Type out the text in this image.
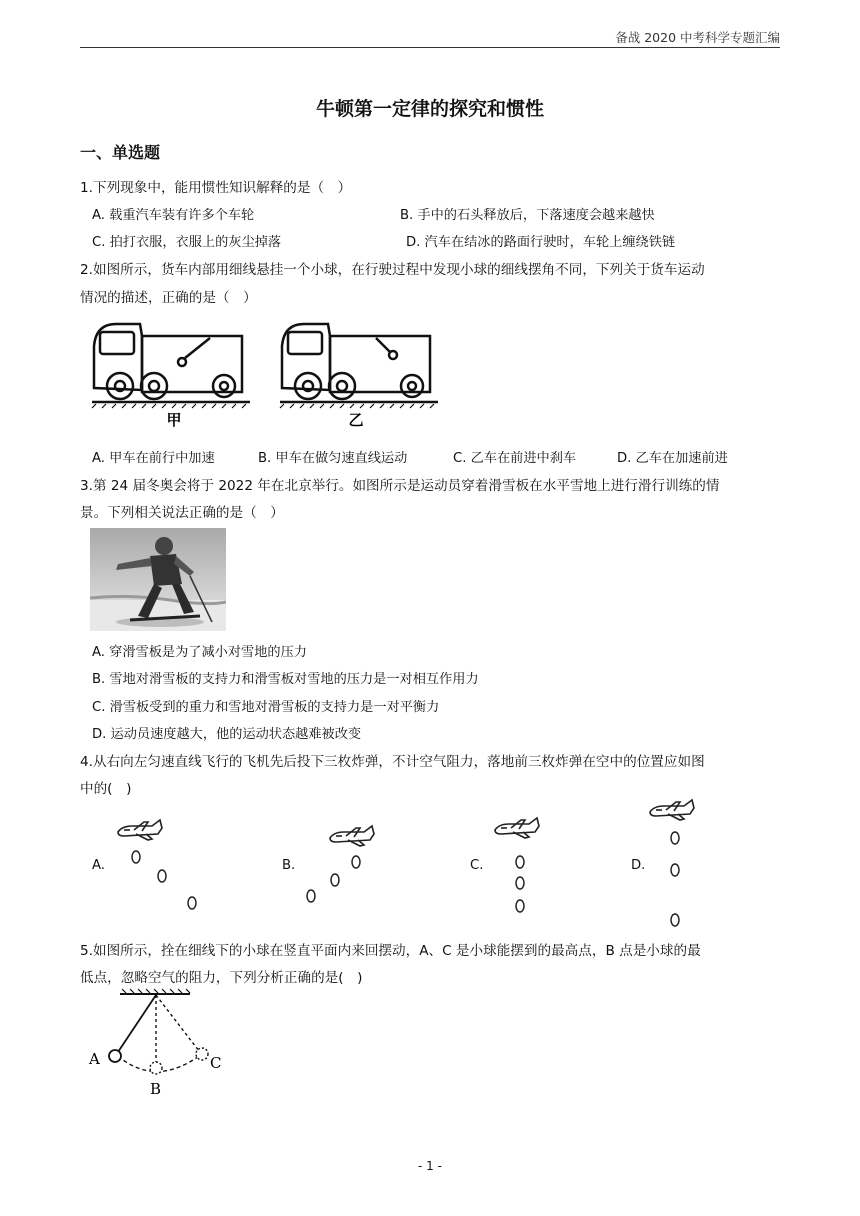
备战 2020 中考科学专题汇编
牛顿第一定律的探究和惯性
一、单选题
1.下列现象中，能用惯性知识解释的是（　）
A. 载重汽车装有许多个车轮	B. 手中的石头释放后，下落速度会越来越快
C. 拍打衣服，衣服上的灰尘掉落	D. 汽车在结冰的路面行驶时，车轮上缠绕铁链
2.如图所示，货车内部用细线悬挂一个小球，在行驶过程中发现小球的细线摆角不同，下列关于货车运动
情况的描述，正确的是（　）
甲	乙
A. 甲车在前行中加速	B. 甲车在做匀速直线运动	C. 乙车在前进中刹车	D. 乙车在加速前进
3.第 24 届冬奥会将于 2022 年在北京举行。如图所示是运动员穿着滑雪板在水平雪地上进行滑行训练的情
景。下列相关说法正确的是（　）
A. 穿滑雪板是为了减小对雪地的压力
B. 雪地对滑雪板的支持力和滑雪板对雪地的压力是一对相互作用力
C. 滑雪板受到的重力和雪地对滑雪板的支持力是一对平衡力
D. 运动员速度越大，他的运动状态越难被改变
4.从右向左匀速直线飞行的飞机先后投下三枚炸弹，不计空气阻力，落地前三枚炸弹在空中的位置应如图
中的(　)
A.	B.	C.	D.
5.如图所示，拴在细线下的小球在竖直平面内来回摆动，A、C 是小球能摆到的最高点，B 点是小球的最
低点，忽略空气的阻力，下列分析正确的是(　)
A
B
C
- 1 -
